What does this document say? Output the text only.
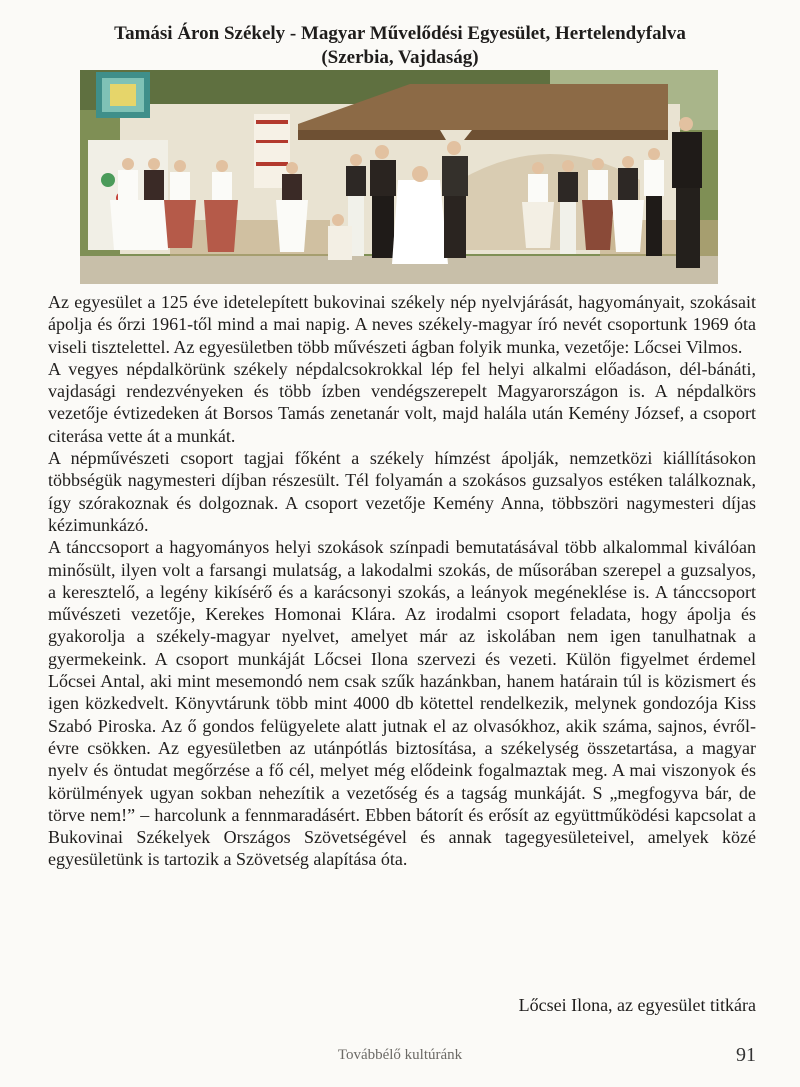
Tamási Áron Székely - Magyar Művelődési Egyesület, Hertelendyfalva
(Szerbia, Vajdaság)

Az egyesület a 125 éve idetelepített bukovinai székely nép nyelvjárását, hagyományait, szokásait ápolja és őrzi 1961-től mind a mai napig. A neves székely-magyar író nevét csoportunk 1969 óta viseli tisztelettel. Az egyesületben több művészeti ágban folyik munka, vezetője: Lőcsei Vilmos.

A vegyes népdalkörünk székely népdalcsokrokkal lép fel helyi alkalmi előadáson, dél-bánáti, vajdasági rendezvényeken és több ízben vendégszerepelt Magyarországon is. A népdalkörs vezetője évtizedeken át Borsos Tamás zenetanár volt, majd halála után Kemény József, a csoport citerása vette át a munkát.

A népművészeti csoport tagjai főként a székely hímzést ápolják, nemzetközi kiállításokon többségük nagymesteri díjban részesült. Tél folyamán a szokásos guzsalyos estéken találkoznak, így szórakoznak és dolgoznak. A csoport vezetője Kemény Anna, többszöri nagymesteri díjas kézimunkázó.

A tánccsoport a hagyományos helyi szokások színpadi bemutatásával több alkalommal kiválóan minősült, ilyen volt a farsangi mulatság, a lakodalmi szokás, de műsorában szerepel a guzsalyos, a keresztelő, a legény kikísérő és a karácsonyi szokás, a leányok megéneklése is. A tánccsoport művészeti vezetője, Kerekes Homonai Klára. Az irodalmi csoport feladata, hogy ápolja és gyakorolja a székely-magyar nyelvet, amelyet már az iskolában nem igen tanulhatnak a gyermekeink. A csoport munkáját Lőcsei Ilona szervezi és vezeti. Külön figyelmet érdemel Lőcsei Antal, aki mint mesemondó nem csak szűk hazánkban, hanem határain túl is közismert és igen közkedvelt. Könyvtárunk több mint 4000 db kötettel rendelkezik, melynek gondozója Kiss Szabó Piroska. Az ő gondos felügyelete alatt jutnak el az olvasókhoz, akik száma, sajnos, évről-évre csökken. Az egyesületben az utánpótlás biztosítása, a székelység összetartása, a magyar nyelv és öntudat megőrzése a fő cél, melyet még elődeink fogalmaztak meg. A mai viszonyok és körülmények ugyan sokban nehezítik a vezetőség és a tagság munkáját. S „megfogyva bár, de törve nem!” – harcolunk a fennmaradásért. Ebben bátorít és erősít az együttműködési kapcsolat a Bukovinai Székelyek Országos Szövetségével és annak tagegyesületeivel, amelyek közé egyesületünk is tartozik a Szövetség alapítása óta.

Lőcsei Ilona, az egyesület titkára
Továbbélő kultúránk	91
